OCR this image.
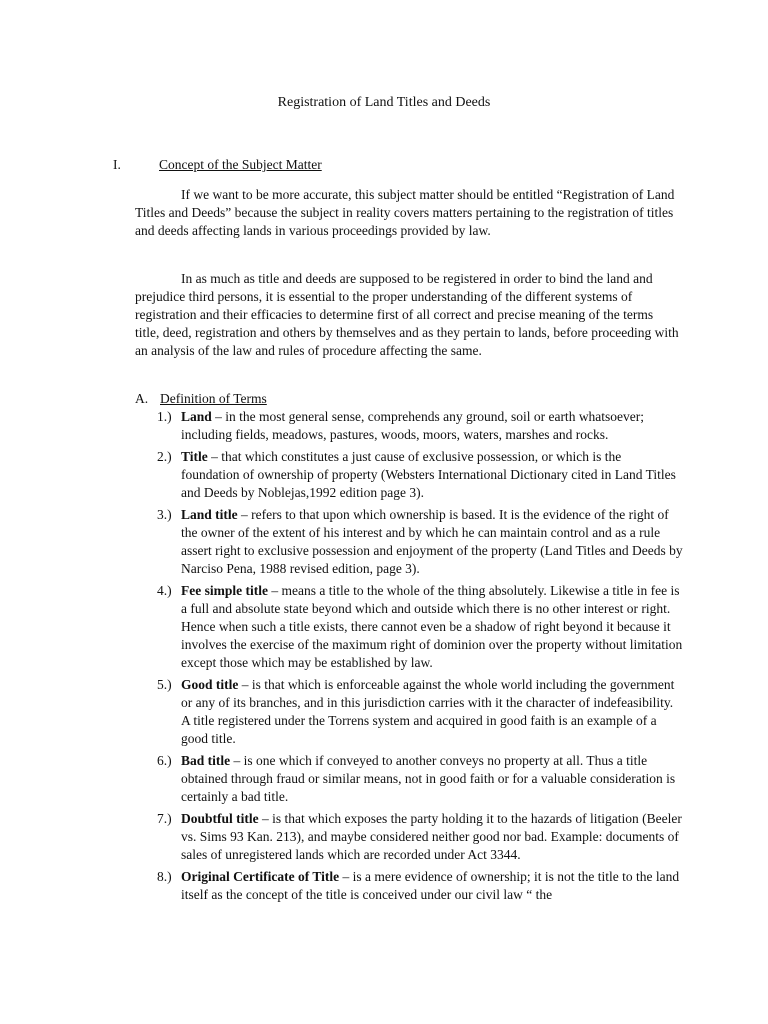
Registration of Land Titles and Deeds
I.	Concept of the Subject Matter

If we want to be more accurate, this subject matter should be entitled “Registration of Land Titles and Deeds” because the subject in reality covers matters pertaining to the registration of titles and deeds affecting lands in various proceedings provided by law.

In as much as title and deeds are supposed to be registered in order to bind the land and prejudice third persons, it is essential to the proper understanding of the different systems of registration and their efficacies to determine first of all correct and precise meaning of the terms title, deed, registration and others by themselves and as they pertain to lands, before proceeding with an analysis of the law and rules of procedure affecting the same.

A. Definition of Terms
1.) Land – in the most general sense, comprehends any ground, soil or earth whatsoever; including fields, meadows, pastures, woods, moors, waters, marshes and rocks.
2.) Title – that which constitutes a just cause of exclusive possession, or which is the foundation of ownership of property (Websters International Dictionary cited in Land Titles and Deeds by Noblejas,1992 edition page 3).
3.) Land title – refers to that upon which ownership is based. It is the evidence of the right of the owner of the extent of his interest and by which he can maintain control and as a rule assert right to exclusive possession and enjoyment of the property (Land Titles and Deeds by Narciso Pena, 1988 revised edition, page 3).
4.) Fee simple title – means a title to the whole of the thing absolutely. Likewise a title in fee is a full and absolute state beyond which and outside which there is no other interest or right. Hence when such a title exists, there cannot even be a shadow of right beyond it because it involves the exercise of the maximum right of dominion over the property without limitation except those which may be established by law.
5.) Good title – is that which is enforceable against the whole world including the government or any of its branches, and in this jurisdiction carries with it the character of indefeasibility. A title registered under the Torrens system and acquired in good faith is an example of a good title.
6.) Bad title – is one which if conveyed to another conveys no property at all. Thus a title obtained through fraud or similar means, not in good faith or for a valuable consideration is certainly a bad title.
7.) Doubtful title – is that which exposes the party holding it to the hazards of litigation (Beeler vs. Sims 93 Kan. 213), and maybe considered neither good nor bad. Example: documents of sales of unregistered lands which are recorded under Act 3344.
8.) Original Certificate of Title – is a mere evidence of ownership; it is not the title to the land itself as the concept of the title is conceived under our civil law “ the
